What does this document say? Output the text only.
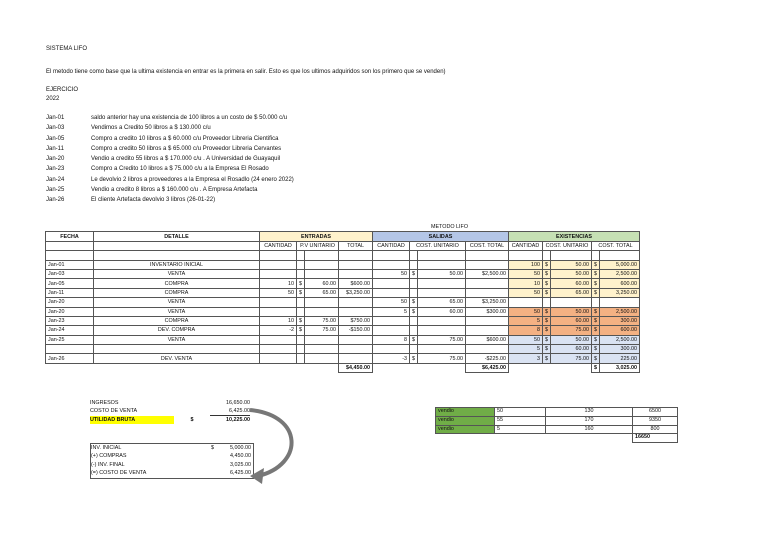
SISTEMA LIFO
El metodo tiene como base que la ultima existencia en entrar es la primera en salir. Esto es que los ultimos adquiridos son los primero que se venden)
EJERCICIO
2022
Jan-01	saldo anterior hay una existencia de 100 libros a un costo de $ 50.000 c/u
Jan-03	Vendimos a Credito 50 libros a $ 130.000 c/u
Jan-05	Compro a credito 10 libros a $ 60.000 c/u Proveedor Libreria Cientifica
Jan-11	Compro a credito 50 libros a $ 65.000 c/u Proveedor Libreria Cervantes
Jan-20	Vendio a credito 55 libros a $ 170.000 c/u . A Universidad de Guayaquil
Jan-23	Compro a Credito 10 libros a $ 75.000 c/u a la Empresa El Rosado
Jan-24	Le devolvio 2 libros a proveedores a la Empresa el Rosadlo (24 enero 2022)
Jan-25	Vendio a credito 8 libros a $ 160.000 c/u . A Empresa Artefacta
Jan-26	El cliente Artefacta devolvio 3 libros (26-01-22)
		METODO LIFO												
FECHA	DETALLE	ENTRADAS				SALIDAS				EXISTENCIAS				
		CANTIDAD	P.V UNITARIO		TOTAL	CANTIDAD	COST. UNITARIO		COST. TOTAL	CANTIDAD	COST. UNITARIO		COST. TOTAL	

Jan-01	INVENTARIO INICIAL									100	$	50.00	$	5,000.00
Jan-03	VENTA					50	$	50.00	$2,500.00	50	$	50.00	$	2,500.00
Jan-05	COMPRA	10	$	60.00	$600.00					10	$	60.00	$	600.00
Jan-11	COMPRA	50	$	65.00	$3,250.00					50	$	65.00	$	3,250.00
Jan-20	VENTA					50	$	65.00	$3,250.00					
Jan-20	VENTA					5	$	60.00	$300.00	50	$	50.00	$	2,500.00
Jan-23	COMPRA	10	$	75.00	$750.00					5	$	60.00	$	300.00
Jan-24	DEV. COMPRA	-2	$	75.00	-$150.00					8	$	75.00	$	600.00
Jan-25	VENTA					8	$	75.00	$600.00	50	$	50.00	$	2,500.00
										5	$	60.00	$	300.00
Jan-26	DEV. VENTA					-3	$	75.00	-$225.00	3	$	75.00	$	225.00
					$4,450.00				$6,425.00				$	3,025.00
INGRESOS	16,650.00
COSTO DE VENTA	6,425.00
UTILIDAD BRUTA	$	10,225.00
INV. INICIAL	$	5,000.00
(+) COMPRAS	4,450.00
(-) INV. FINAL	3,025.00
(=) COSTO DE VENTA	6,425.00
vendio	50	130	6500
vendio	55	170	9350
vendio	5	160	800
			16650
